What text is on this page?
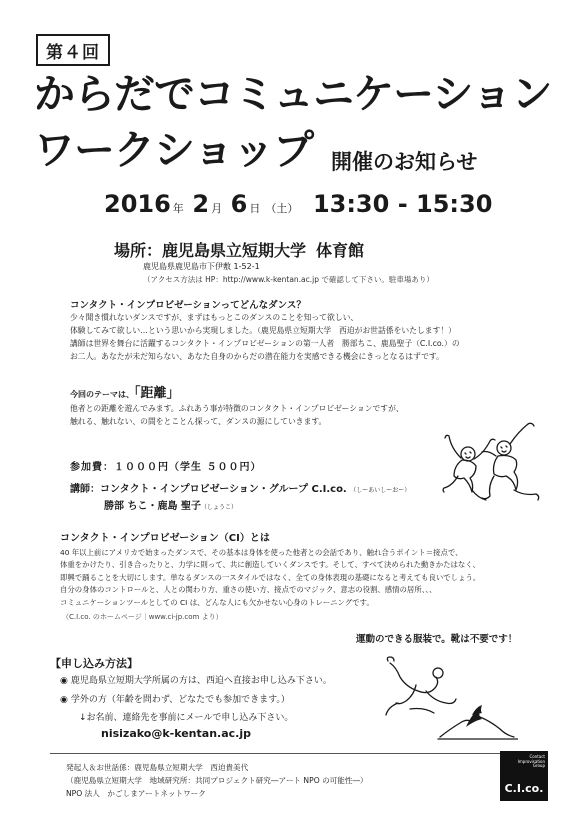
第４回
からだでコミュニケーション
ワークショップ 開催のお知らせ
2016 年 2 月 6 日 （土） 13:30 - 15:30
場所：鹿児島県立短期大学 体育館
鹿児島県鹿児島市下伊敷 1-52-1
（アクセス方法は HP：http://www.k-kentan.ac.jp で確認して下さい。駐車場あり）
コンタクト・インプロビゼーションってどんなダンス？
少々聞き慣れないダンスですが、まずはもっとこのダンスのことを知って欲しい、
体験してみて欲しい…という思いから実現しました。（鹿児島県立短期大学　西迫がお世話係をいたします！）
講師は世界を舞台に活躍するコンタクト・インプロビゼーションの第一人者　勝部ちこ、鹿島聖子（C.I.co.）の
お二人。あなたが未だ知らない、あなた自身のからだの潜在能力を実感できる機会にきっとなるはずです。
今回のテーマは、「距離」
他者との距離を遊んでみます。ふれあう事が特徴のコンタクト・インプロビゼーションですが、
触れる、触れない、の間をとことん探って、ダンスの源にしていきます。
参加費：１０００円（学生 ５００円）
講師：コンタクト・インプロビゼーション・グループ C.I.co. （しーあいしーおー）
勝部 ちこ・鹿島 聖子（しょうこ）
コンタクト・インプロビゼーション（CI）とは
40 年以上前にアメリカで始まったダンスで、その基本は身体を使った他者との会話であり、触れ合うポイント＝接点で、
体重をかけたり、引き合ったりと、力学に則って、共に創造していくダンスです。そして、すべて決められた動きかたはなく、
即興で踊ることを大切にします。単なるダンスの一スタイルではなく、全ての身体表現の基礎になると考えても良いでしょう。
自分の身体のコントロールと、人との関わり方、重さの使い方、接点でのマジック、意志の役割、感情の居所、、、
コミュニケーションツールとしての CI は、どんな人にも欠かせない心身のトレーニングです。
（C.I.co. のホームページ｜www.ci-jp.com より）
運動のできる服装で。靴は不要です！
【申し込み方法】
◉ 鹿児島県立短期大学所属の方は、西迫へ直接お申し込み下さい。
◉ 学外の方（年齢を問わず、どなたでも参加できます。）
↓お名前、連絡先を事前にメールで申し込み下さい。
nisizako@k-kentan.ac.jp
発起人＆お世話係：鹿児島県立短期大学　西迫貴美代
（鹿児島県立短期大学　地域研究所：共同プロジェクト研究―アート NPO の可能性―）
NPO 法人　かごしまアートネットワーク
Contact
Improvisation
Group
C.I.co.
